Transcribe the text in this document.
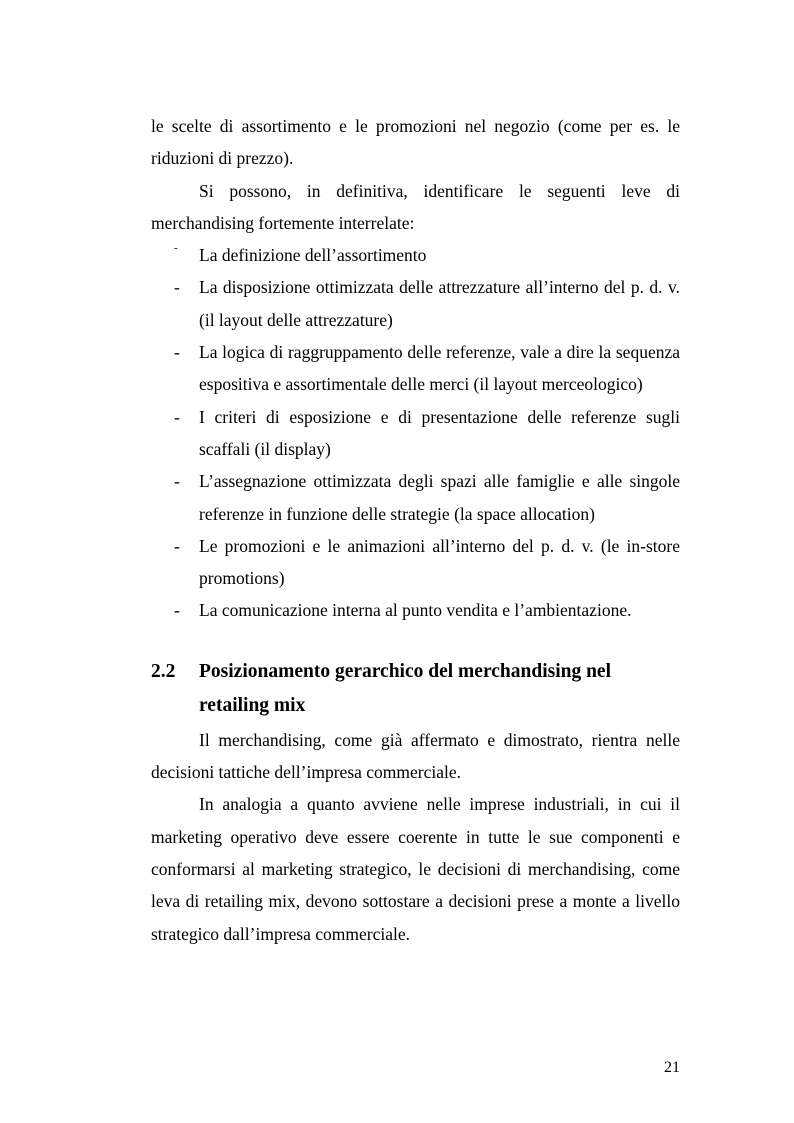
le scelte di assortimento e le promozioni nel negozio (come per es. le riduzioni di prezzo).

Si possono, in definitiva, identificare le seguenti leve di merchandising fortemente interrelate:

- La definizione dell’assortimento
- La disposizione ottimizzata delle attrezzature all’interno del p. d. v. (il layout delle attrezzature)
- La logica di raggruppamento delle referenze, vale a dire la sequenza espositiva e assortimentale delle merci (il layout merceologico)
- I criteri di esposizione e di presentazione delle referenze sugli scaffali (il display)
- L’assegnazione ottimizzata degli spazi alle famiglie e alle singole referenze in funzione delle strategie (la space allocation)
- Le promozioni e le animazioni all’interno del p. d. v. (le in-store promotions)
- La comunicazione interna al punto vendita e l’ambientazione.
2.2 Posizionamento gerarchico del merchandising nel retailing mix

Il merchandising, come già affermato e dimostrato, rientra nelle decisioni tattiche dell’impresa commerciale.

In analogia a quanto avviene nelle imprese industriali, in cui il marketing operativo deve essere coerente in tutte le sue componenti e conformarsi al marketing strategico, le decisioni di merchandising, come leva di retailing mix, devono sottostare a decisioni prese a monte a livello strategico dall’impresa commerciale.

21
